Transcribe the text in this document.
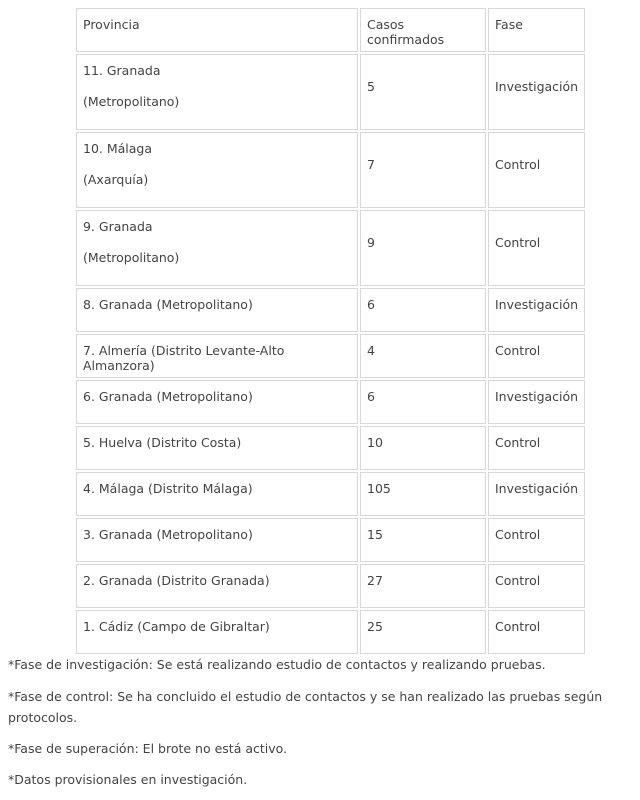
Provincia	Casos confirmados	Fase
11. Granada
(Metropolitano)	5	Investigación
10. Málaga
(Axarquía)	7	Control
9. Granada
(Metropolitano)	9	Control
8. Granada (Metropolitano)	6	Investigación
7. Almería (Distrito Levante-Alto Almanzora)	4	Control
6. Granada (Metropolitano)	6	Investigación
5. Huelva (Distrito Costa)	10	Control
4. Málaga (Distrito Málaga)	105	Investigación
3. Granada (Metropolitano)	15	Control
2. Granada (Distrito Granada)	27	Control
1. Cádiz (Campo de Gibraltar)	25	Control

*Fase de investigación: Se está realizando estudio de contactos y realizando pruebas.

*Fase de control: Se ha concluido el estudio de contactos y se han realizado las pruebas según protocolos.

*Fase de superación: El brote no está activo.

*Datos provisionales en investigación.
